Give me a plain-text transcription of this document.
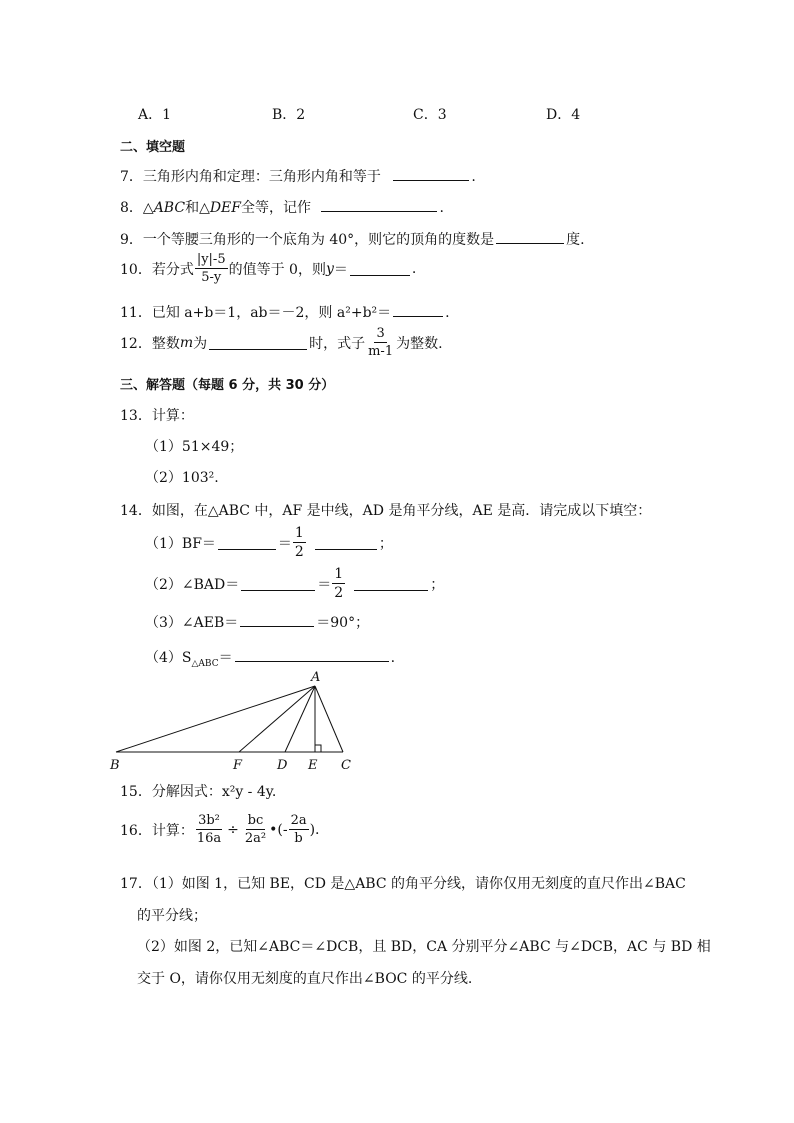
A．1	B．2	C．3	D．4
二、填空题
7．三角形内角和定理：三角形内角和等于	.
8．△ABC和△DEF全等，记作	.
9．一个等腰三角形的一个底角为 40°，则它的顶角的度数是	度.
10．若分式 $\frac{|y|-5}{5-y}$ 的值等于 0，则 y ＝	.
11．已知 a+b＝1，ab＝－2，则 a²+b²＝	.
12．整数 m 为	时，式子 $\frac{3}{m-1}$ 为整数.
三、解答题（每题 6 分，共 30 分）
13．计算：
（1）51×49；
（2）103².
14．如图，在△ABC 中，AF 是中线，AD 是角平分线，AE 是高．请完成以下填空：
（1）BF＝	＝ $\frac{1}{2}$	；
（2）∠BAD＝	＝ $\frac{1}{2}$	；
（3）∠AEB＝	＝90°；
$(4)S_{\triangle ABC}=$	.
A
B	F	D E C
15．分解因式：x²y - 4y.
16．计算： $\frac{\text{3b²}}{16a} \div \frac{bc}{\text{2a²}}$ • (- $\frac{2a}{b}$ ).
17．（1）如图 1，已知 BE，CD 是△ABC 的角平分线，请你仅用无刻度的直尺作出∠BAC
的平分线；
（2）如图 2，已知∠ABC＝∠DCB，且 BD，CA 分别平分∠ABC 与∠DCB，AC 与 BD 相
交于 O，请你仅用无刻度的直尺作出∠BOC 的平分线.
